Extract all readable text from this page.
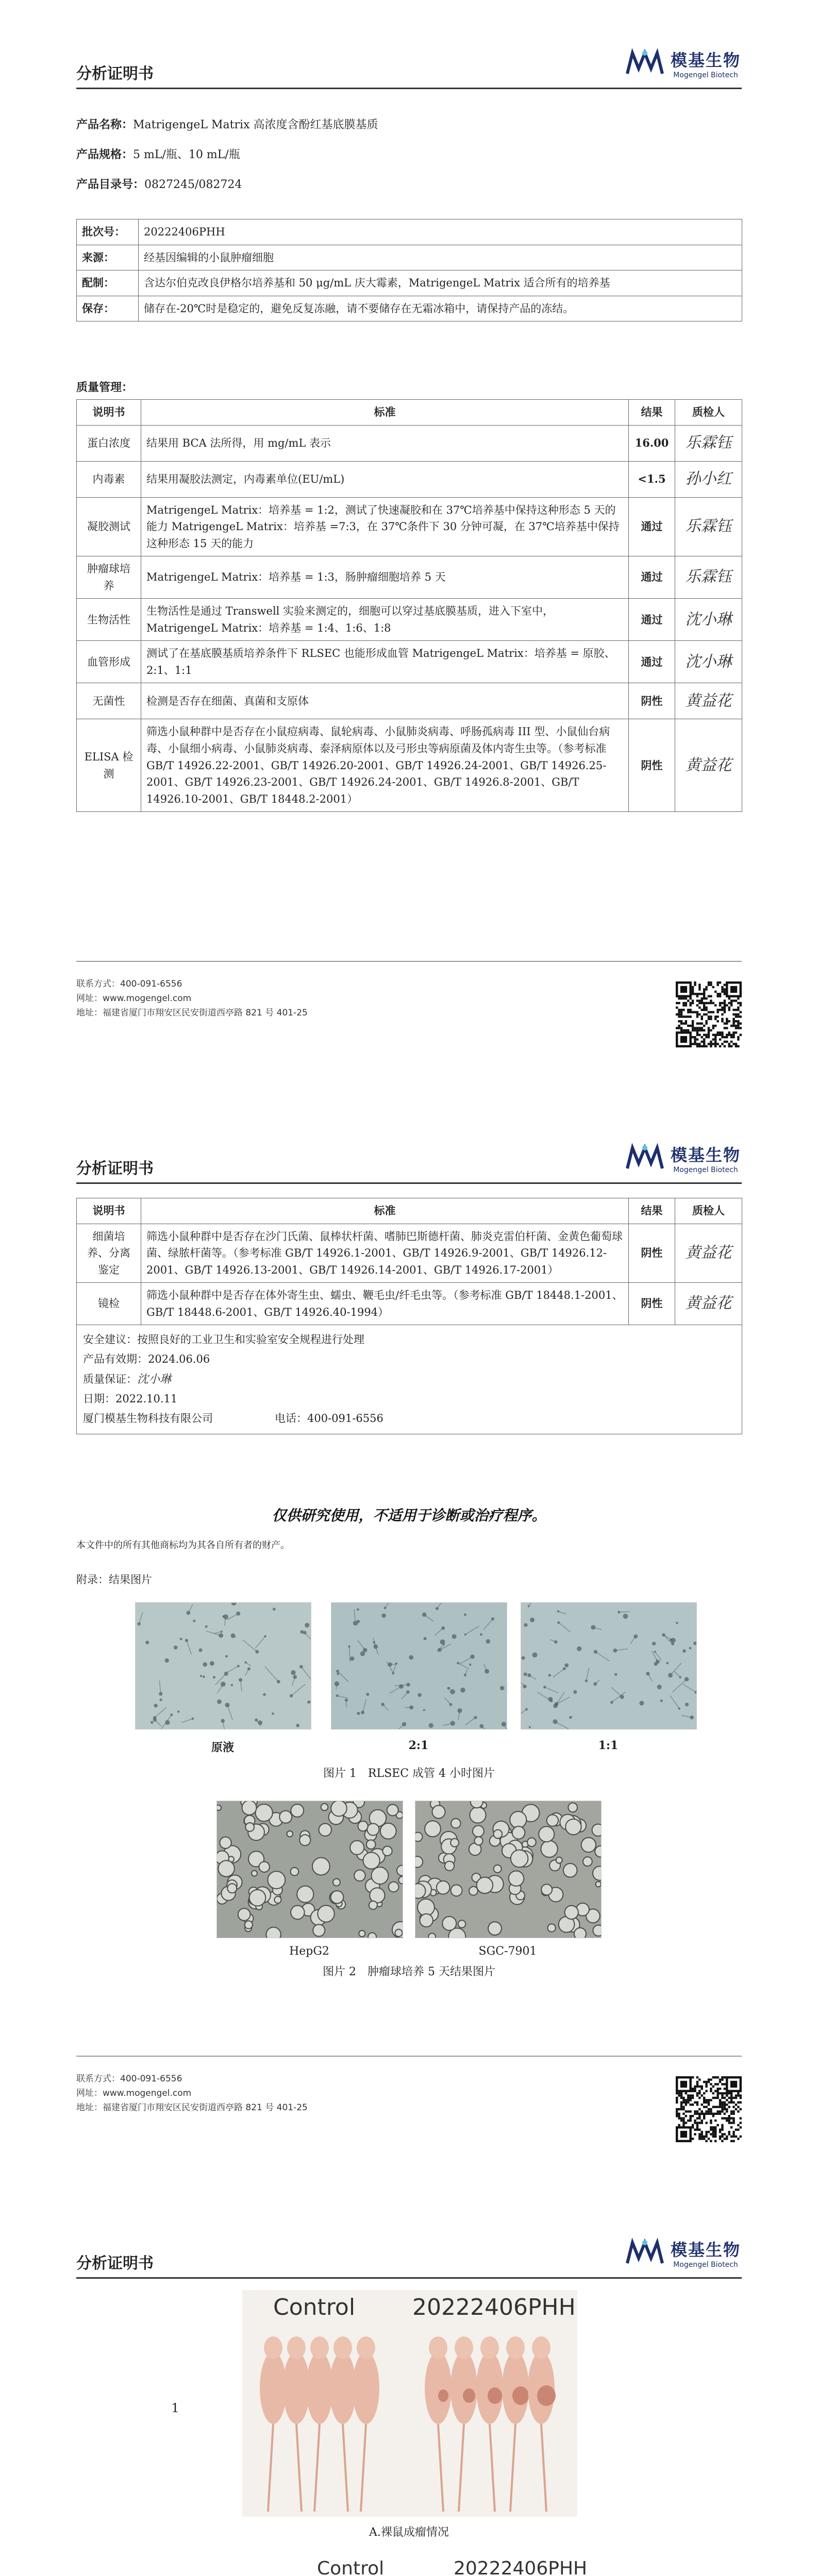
分析证明书
模基生物
Mogengel Biotech
产品名称：MatrigengeL Matrix 高浓度含酚红基底膜基质
产品规格：5 mL/瓶、10 mL/瓶
产品目录号：0827245/082724
批次号：	20222406PHH
来源：	经基因编辑的小鼠肿瘤细胞
配制：	含达尔伯克改良伊格尔培养基和 50 μg/mL 庆大霉素，MatrigengeL Matrix 适合所有的培养基
保存：	储存在-20℃时是稳定的，避免反复冻融，请不要储存在无霜冰箱中，请保持产品的冻结。
质量管理：
说明书	标准	结果	质检人
蛋白浓度	结果用 BCA 法所得，用 mg/mL 表示	16.00	乐霖钰
内毒素	结果用凝胶法测定，内毒素单位(EU/mL)	<1.5	孙小红
凝胶测试	MatrigengeL Matrix：培养基 = 1:2，测试了快速凝胶和在 37℃培养基中保持这种形态 5 天的能力 MatrigengeL Matrix：培养基 =7:3，在 37℃条件下 30 分钟可凝，在 37℃培养基中保持这种形态 15 天的能力	通过	乐霖钰
肿瘤球培养	MatrigengeL Matrix：培养基 = 1:3，肠肿瘤细胞培养 5 天	通过	乐霖钰
生物活性	生物活性是通过 Transwell 实验来测定的，细胞可以穿过基底膜基质，进入下室中，MatrigengeL Matrix：培养基 = 1:4、1:6、1:8	通过	沈小琳
血管形成	测试了在基底膜基质培养条件下 RLSEC 也能形成血管 MatrigengeL Matrix：培养基 = 原胶、2:1、1:1	通过	沈小琳
无菌性	检测是否存在细菌、真菌和支原体	阴性	黄益花
ELISA 检测	筛选小鼠种群中是否存在小鼠痘病毒、鼠轮病毒、小鼠肺炎病毒、呼肠孤病毒 III 型、小鼠仙台病毒、小鼠细小病毒、小鼠肺炎病毒、泰泽病原体以及弓形虫等病原菌及体内寄生虫等。（参考标准 GB/T 14926.22-2001、GB/T 14926.20-2001、GB/T 14926.24-2001、GB/T 14926.25-2001、GB/T 14926.23-2001、GB/T 14926.24-2001、GB/T 14926.8-2001、GB/T 14926.10-2001、GB/T 18448.2-2001）	阴性	黄益花
联系方式：400-091-6556
网址：www.mogengel.com
地址：福建省厦门市翔安区民安街道西亭路 821 号 401-25
分析证明书
模基生物
Mogengel Biotech
说明书	标准	结果	质检人
细菌培养、分离鉴定	筛选小鼠种群中是否存在沙门氏菌、鼠棒状杆菌、嗜肺巴斯德杆菌、肺炎克雷伯杆菌、金黄色葡萄球菌、绿脓杆菌等。（参考标准 GB/T 14926.1-2001、GB/T 14926.9-2001、GB/T 14926.12-2001、GB/T 14926.13-2001、GB/T 14926.14-2001、GB/T 14926.17-2001）	阴性	黄益花
镜检	筛选小鼠种群中是否存在体外寄生虫、蠕虫、鞭毛虫/纤毛虫等。（参考标准 GB/T 18448.1-2001、GB/T 18448.6-2001、GB/T 14926.40-1994）	阴性	黄益花

安全建议：按照良好的工业卫生和实验室安全规程进行处理
产品有效期：2024.06.06
质量保证：沈小琳
日期：2022.10.11
厦门模基生物科技有限公司 电话：400-091-6556			
仅供研究使用，不适用于诊断或治疗程序。
本文件中的所有其他商标均为其各自所有者的财产。
附录：结果图片
原液	2:1	1:1
图片 1　RLSEC 成管 4 小时图片
HepG2	SGC-7901
图片 2　肿瘤球培养 5 天结果图片
联系方式：400-091-6556
网址：www.mogengel.com
地址：福建省厦门市翔安区民安街道西亭路 821 号 401-25
分析证明书
模基生物
Mogengel Biotech
Control	20222406PHH
1
A.裸鼠成瘤情况
Control	20222406PHH
